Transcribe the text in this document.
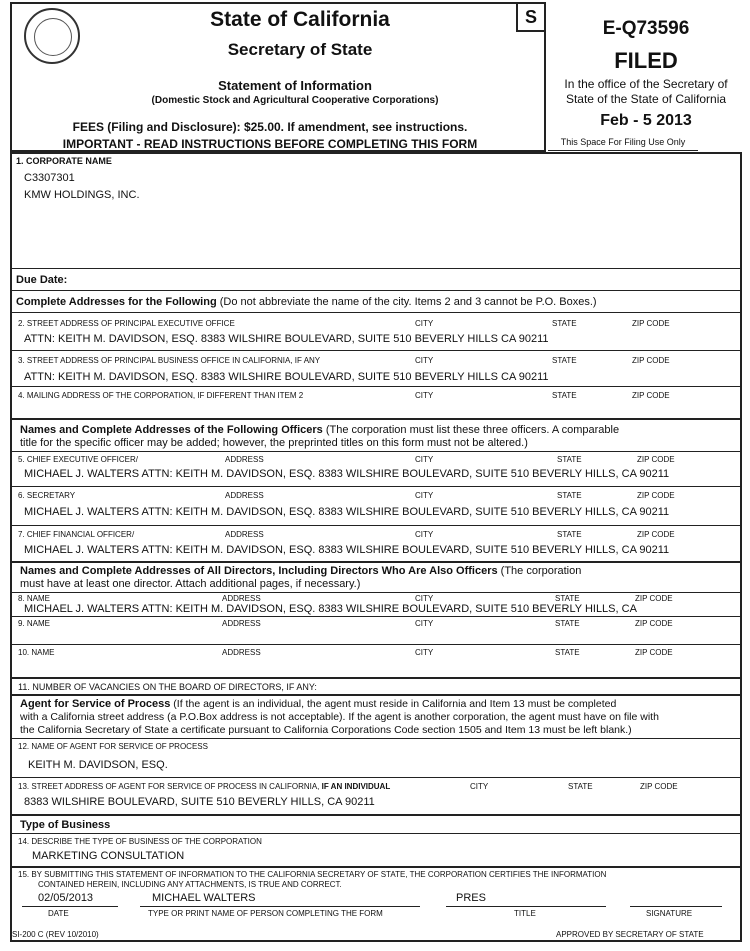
S
State of California
Secretary of State
Statement of Information
(Domestic Stock and Agricultural Cooperative Corporations)
FEES (Filing and Disclosure): $25.00. If amendment, see instructions.
IMPORTANT - READ INSTRUCTIONS BEFORE COMPLETING THIS FORM
E-Q73596
FILED
In the office of the Secretary of
State of the State of California
Feb - 5 2013
This Space For Filing Use Only
1. CORPORATE NAME
C3307301
KMW HOLDINGS, INC.
Due Date:
Complete Addresses for the Following (Do not abbreviate the name of the city. Items 2 and 3 cannot be P.O. Boxes.)
2. STREET ADDRESS OF PRINCIPAL EXECUTIVE OFFICE	CITY	STATE	ZIP CODE
ATTN: KEITH M. DAVIDSON, ESQ. 8383 WILSHIRE BOULEVARD, SUITE 510 BEVERLY HILLS CA 90211
3. STREET ADDRESS OF PRINCIPAL BUSINESS OFFICE IN CALIFORNIA, IF ANY	CITY	STATE	ZIP CODE
ATTN: KEITH M. DAVIDSON, ESQ. 8383 WILSHIRE BOULEVARD, SUITE 510 BEVERLY HILLS CA 90211
4. MAILING ADDRESS OF THE CORPORATION, IF DIFFERENT THAN ITEM 2	CITY	STATE	ZIP CODE
Names and Complete Addresses of the Following Officers (The corporation must list these three officers. A comparable
title for the specific officer may be added; however, the preprinted titles on this form must not be altered.)
5. CHIEF EXECUTIVE OFFICER/	ADDRESS	CITY	STATE	ZIP CODE
MICHAEL J. WALTERS ATTN: KEITH M. DAVIDSON, ESQ. 8383 WILSHIRE BOULEVARD, SUITE 510 BEVERLY HILLS, CA 90211
6. SECRETARY	ADDRESS	CITY	STATE	ZIP CODE
MICHAEL J. WALTERS ATTN: KEITH M. DAVIDSON, ESQ. 8383 WILSHIRE BOULEVARD, SUITE 510 BEVERLY HILLS, CA 90211
7. CHIEF FINANCIAL OFFICER/	ADDRESS	CITY	STATE	ZIP CODE
MICHAEL J. WALTERS ATTN: KEITH M. DAVIDSON, ESQ. 8383 WILSHIRE BOULEVARD, SUITE 510 BEVERLY HILLS, CA 90211
Names and Complete Addresses of All Directors, Including Directors Who Are Also Officers (The corporation
must have at least one director. Attach additional pages, if necessary.)
8. NAME	ADDRESS	CITY	STATE	ZIP CODE
MICHAEL J. WALTERS ATTN: KEITH M. DAVIDSON, ESQ. 8383 WILSHIRE BOULEVARD, SUITE 510 BEVERLY HILLS, CA
9. NAME	ADDRESS	CITY	STATE	ZIP CODE
10. NAME	ADDRESS	CITY	STATE	ZIP CODE
11. NUMBER OF VACANCIES ON THE BOARD OF DIRECTORS, IF ANY:
Agent for Service of Process (If the agent is an individual, the agent must reside in California and Item 13 must be completed
with a California street address (a P.O.Box address is not acceptable). If the agent is another corporation, the agent must have on file with
the California Secretary of State a certificate pursuant to California Corporations Code section 1505 and Item 13 must be left blank.)
12. NAME OF AGENT FOR SERVICE OF PROCESS
KEITH M. DAVIDSON, ESQ.
13. STREET ADDRESS OF AGENT FOR SERVICE OF PROCESS IN CALIFORNIA, IF AN INDIVIDUAL	CITY	STATE	ZIP CODE
8383 WILSHIRE BOULEVARD, SUITE 510 BEVERLY HILLS, CA 90211
Type of Business
14. DESCRIBE THE TYPE OF BUSINESS OF THE CORPORATION
MARKETING CONSULTATION
15. BY SUBMITTING THIS STATEMENT OF INFORMATION TO THE CALIFORNIA SECRETARY OF STATE, THE CORPORATION CERTIFIES THE INFORMATION
CONTAINED HEREIN, INCLUDING ANY ATTACHMENTS, IS TRUE AND CORRECT.
02/05/2013	MICHAEL WALTERS	PRES
DATE	TYPE OR PRINT NAME OF PERSON COMPLETING THE FORM	TITLE	SIGNATURE
SI-200 C (REV 10/2010)	APPROVED BY SECRETARY OF STATE
